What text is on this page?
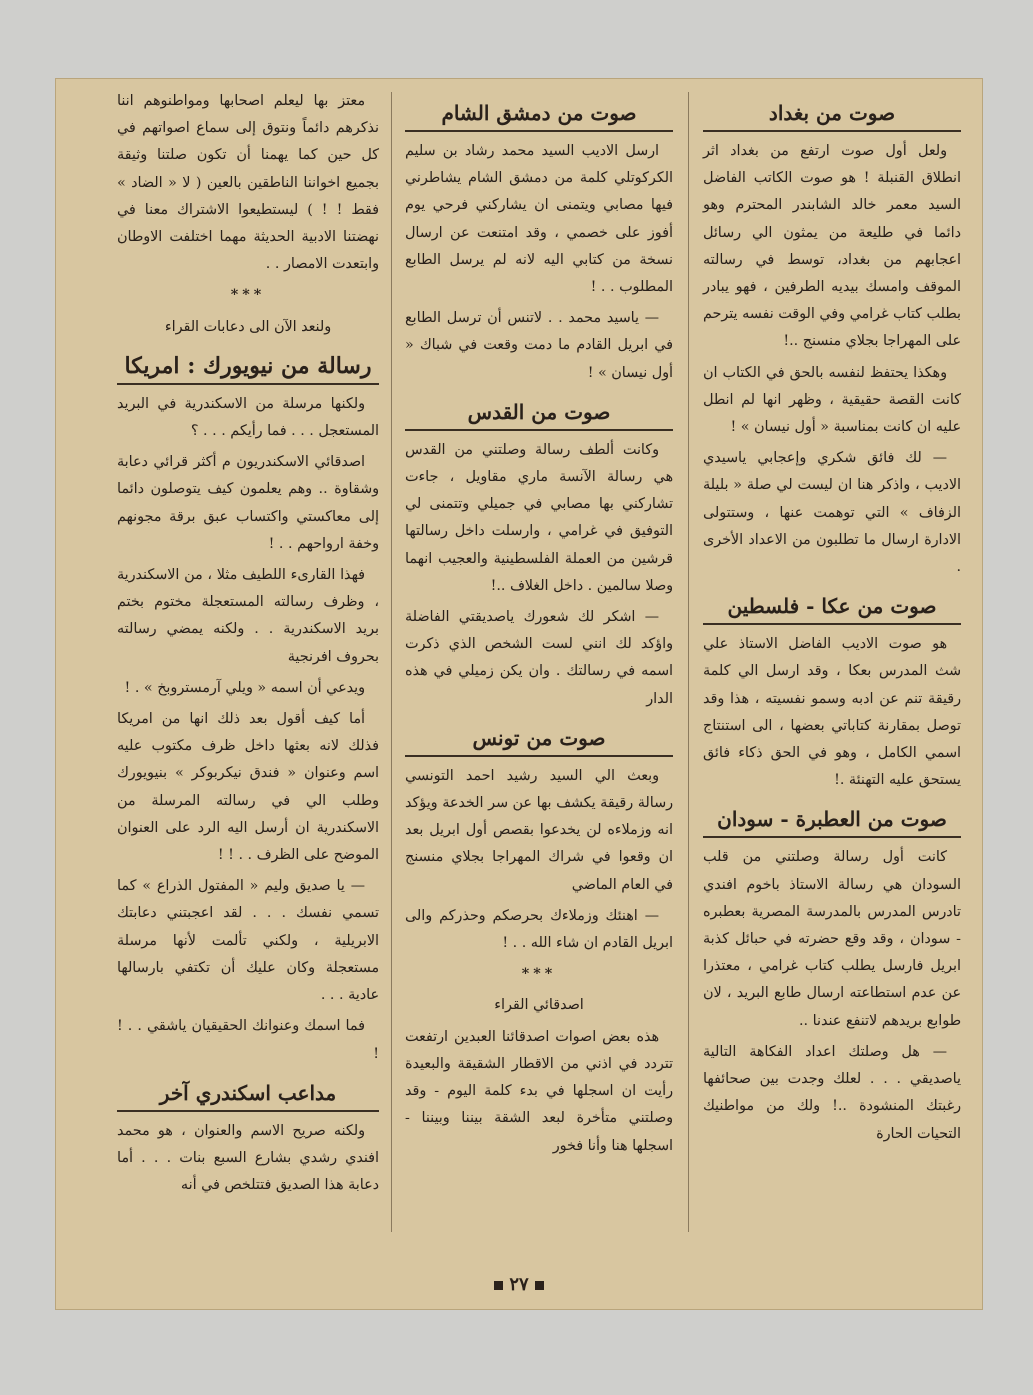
صوت من بغداد

ولعل أول صوت ارتفع من بغداد اثر انطلاق القنبلة ! هو صوت الكاتب الفاضل السيد معمر خالد الشابندر المحترم وهو دائما في طليعة من يمثون الي رسائل اعجابهم من بغداد، توسط في رسالته الموقف وامسك بيديه الطرفين ، فهو يبادر بطلب كتاب غرامي وفي الوقت نفسه يترحم على المهراجا بجلاي منسنج ..!

وهكذا يحتفظ لنفسه بالحق في الكتاب ان كانت القصة حقيقية ، وظهر انها لم انطل عليه ان كانت بمناسبة « أول نيسان » !

— لك فائق شكري وإعجابي ياسيدي الاديب ، واذكر هنا ان ليست لي صلة « بليلة الزفاف » التي توهمت عنها ، وستتولى الادارة ارسال ما تطلبون من الاعداد الأخرى .

صوت من عكا - فلسطين

هو صوت الاديب الفاضل الاستاذ علي شث المدرس بعكا ، وقد ارسل الي كلمة رقيقة تنم عن ادبه وسمو نفسيته ، هذا وقد توصل بمقارنة كتاباتي بعضها ، الى استنتاج اسمي الكامل ، وهو في الحق ذكاء فائق يستحق عليه التهنئة .!

صوت من العطبرة - سودان

كانت أول رسالة وصلتني من قلب السودان هي رسالة الاستاذ باخوم افندي تادرس المدرس بالمدرسة المصرية بعطبره - سودان ، وقد وقع حضرته في حبائل كذبة ابريل فارسل يطلب كتاب غرامي ، معتذرا عن عدم استطاعته ارسال طابع البريد ، لان طوابع بريدهم لاتنفع عندنا ..

— هل وصلتك اعداد الفكاهة التالية ياصديقي . . . لعلك وجدت بين صحائفها رغبتك المنشودة ..! ولك من مواطنيك التحيات الحارة

صوت من دمشق الشام

ارسل الاديب السيد محمد رشاد بن سليم الكركوتلي كلمة من دمشق الشام يشاطرني فيها مصابي ويتمنى ان يشاركني فرحي يوم أفوز على خصمي ، وقد امتنعت عن ارسال نسخة من كتابي اليه لانه لم يرسل الطابع المطلوب . . !

— ياسيد محمد . . لاتنس أن ترسل الطابع في ابريل القادم ما دمت وقعت في شباك « أول نيسان » !

صوت من القدس

وكانت ألطف رسالة وصلتني من القدس هي رسالة الآنسة ماري مقاويل ، جاءت تشاركني بها مصابي في جميلي وتتمنى لي التوفيق في غرامي ، وارسلت داخل رسالتها قرشين من العملة الفلسطينية والعجيب انهما وصلا سالمين . داخل الغلاف ..!

— اشكر لك شعورك ياصديقتي الفاضلة واؤكد لك انني لست الشخص الذي ذكرت اسمه في رسالتك . وان يكن زميلي في هذه الدار

صوت من تونس

وبعث الي السيد رشيد احمد التونسي رسالة رقيقة يكشف بها عن سر الخدعة ويؤكد انه وزملاءه لن يخدعوا بقصص أول ابريل بعد ان وقعوا في شراك المهراجا بجلاي منسنج في العام الماضي

— اهنئك وزملاءك بحرصكم وحذركم والى ابريل القادم ان شاء الله . . !

***
اصدقائي القراء

هذه بعض اصوات اصدقائنا العبدين ارتفعت تتردد في اذني من الاقطار الشقيقة والبعيدة رأيت ان اسجلها في بدء كلمة اليوم - وقد وصلتني متأخرة لبعد الشقة بيننا وبيننا - اسجلها هنا وأنا فخور

معتز بها ليعلم اصحابها ومواطنوهم اننا نذكرهم دائماً ونتوق إلى سماع اصواتهم في كل حين كما يهمنا أن تكون صلتنا وثيقة بجميع اخواننا الناطقين بالعين ( لا « الضاد » فقط ! ! ) ليستطيعوا الاشتراك معنا في نهضتنا الادبية الحديثة مهما اختلفت الاوطان وابتعدت الامصار . .

***
ولنعد الآن الى دعابات القراء
رسالة من نيويورك : امريكا

ولكنها مرسلة من الاسكندرية في البريد المستعجل . . . فما رأيكم . . . ؟

اصدقائي الاسكندريون م أكثر قرائي دعابة وشقاوة .. وهم يعلمون كيف يتوصلون دائما إلى معاكستي واكتساب عبق برقة مجونهم وخفة ارواحهم . . !

فهذا القارىء اللطيف مثلا ، من الاسكندرية ، وظرف رسالته المستعجلة مختوم بختم بريد الاسكندرية . . ولكنه يمضي رسالته بحروف افرنجية

ويدعي أن اسمه « ويلي آرمستروبخ » . !

أما كيف أقول بعد ذلك انها من امريكا فذلك لانه بعثها داخل ظرف مكتوب عليه اسم وعنوان « فندق نيكربوكر » بنيويورك وطلب الي في رسالته المرسلة من الاسكندرية ان أرسل اليه الرد على العنوان الموضح على الظرف . . ! !

— يا صديق وليم « المفتول الذراع » كما تسمي نفسك . . . لقد اعجبتني دعابتك الابريلية ، ولكني تألمت لأنها مرسلة مستعجلة وكان عليك أن تكتفي بارسالها عادية . . .

فما اسمك وعنوانك الحقيقيان ياشقي . . ! !

مداعب اسكندري آخر

ولكنه صريح الاسم والعنوان ، هو محمد افندي رشدي بشارع السبع بنات . . . أما دعابة هذا الصديق فتتلخص في أنه

٢٧
